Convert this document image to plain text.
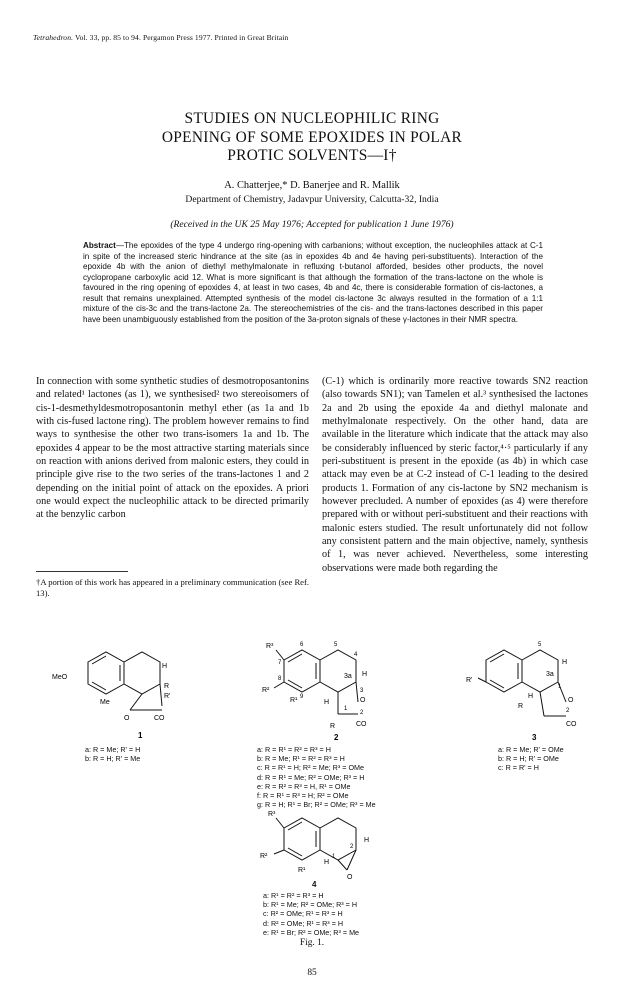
Tetrahedron. Vol. 33, pp. 85 to 94. Pergamon Press 1977. Printed in Great Britain
STUDIES ON NUCLEOPHILIC RING
OPENING OF SOME EPOXIDES IN POLAR
PROTIC SOLVENTS—I†
A. Chatterjee,* D. Banerjee and R. Mallik
Department of Chemistry, Jadavpur University, Calcutta-32, India
(Received in the UK 25 May 1976; Accepted for publication 1 June 1976)
Abstract—The epoxides of the type 4 undergo ring-opening with carbanions; without exception, the nucleophiles attack at C-1 in spite of the increased steric hindrance at the site (as in epoxides 4b and 4e having peri-substituents). Interaction of the epoxide 4b with the anion of diethyl methylmalonate in refluxing t-butanol afforded, besides other products, the novel cyclopropane carboxylic acid 12. What is more significant is that although the formation of the trans-lactone on the whole is favoured in the ring opening of epoxides 4, at least in two cases, 4b and 4c, there is considerable formation of cis-lactones, a result that remains unexplained. Attempted synthesis of the model cis-lactone 3c always resulted in the formation of a 1:1 mixture of the cis-3c and the trans-lactone 2a. The stereochemistries of the cis- and the trans-lactones described in this paper have been unambiguously established from the position of the 3a-proton signals of these γ-lactones in their NMR spectra.
In connection with some synthetic studies of desmotroposantonins and related¹ lactones (as 1), we synthesised² two stereoisomers of cis-1-desmethyldesmotroposantonin methyl ether (as 1a and 1b with cis-fused lactone ring). The problem however remains to find ways to synthesise the other two trans-isomers 1a and 1b. The epoxides 4 appear to be the most attractive starting materials since on reaction with anions derived from malonic esters, they could in principle give rise to the two series of the trans-lactones 1 and 2 depending on the initial point of attack on the epoxides. A priori one would expect the nucleophilic attack to be directed primarily at the benzylic carbon
(C-1) which is ordinarily more reactive towards SN2 reaction (also towards SN1); van Tamelen et al.³ synthesised the lactones 2a and 2b using the epoxide 4a and diethyl malonate and methylmalonate respectively. On the other hand, data are available in the literature which indicate that the attack may also be considerably influenced by steric factor,⁴·⁵ particularly if any peri-substituent is present in the epoxide (as 4b) in which case attack may even be at C-2 instead of C-1 leading to the desired products 1. Formation of any cis-lactone by SN2 mechanism is however precluded. A number of epoxides (as 4) were therefore prepared with or without peri-substituent and their reactions with malonic esters studied. The result unfortunately did not follow any consistent pattern and the main objective, namely, synthesis of 1, was never achieved. Nevertheless, some interesting observations were made both regarding the
†A portion of this work has appeared in a preliminary communication (see Ref. 13).
MeO
Me
H
R
R'
O	CO
1
a: R = Me; R' = H
b: R = H; R' = Me
R³
R²
R
R¹
H
H
3a
O
CO
1
2
3
4
5
6
7
8
9
2
a: R = R¹ = R² = R³ = H
b: R = Me; R¹ = R² = R³ = H
c: R = R¹ = H; R² = Me; R³ = OMe
d: R = R¹ = Me; R² = OMe; R³ = H
e: R = R² = R³ = H, R¹ = OMe
f: R = R¹ = R³ = H; R² = OMe
g: R = H; R¹ = Br; R² = OMe; R³ = Me
R'
R
H
H
3a
O
2
CO
1
5
3
a: R = Me; R' = OMe
b: R = H; R' = OMe
c: R = R' = H
R³
R²
R¹
H
H
O
1
2
4
a: R¹ = R² = R³ = H
b: R¹ = Me; R² = OMe; R³ = H
c: R² = OMe; R¹ = R³ = H
d: R² = OMe; R¹ = R³ = H
e: R¹ = Br; R² = OMe; R³ = Me
Fig. 1.
85
